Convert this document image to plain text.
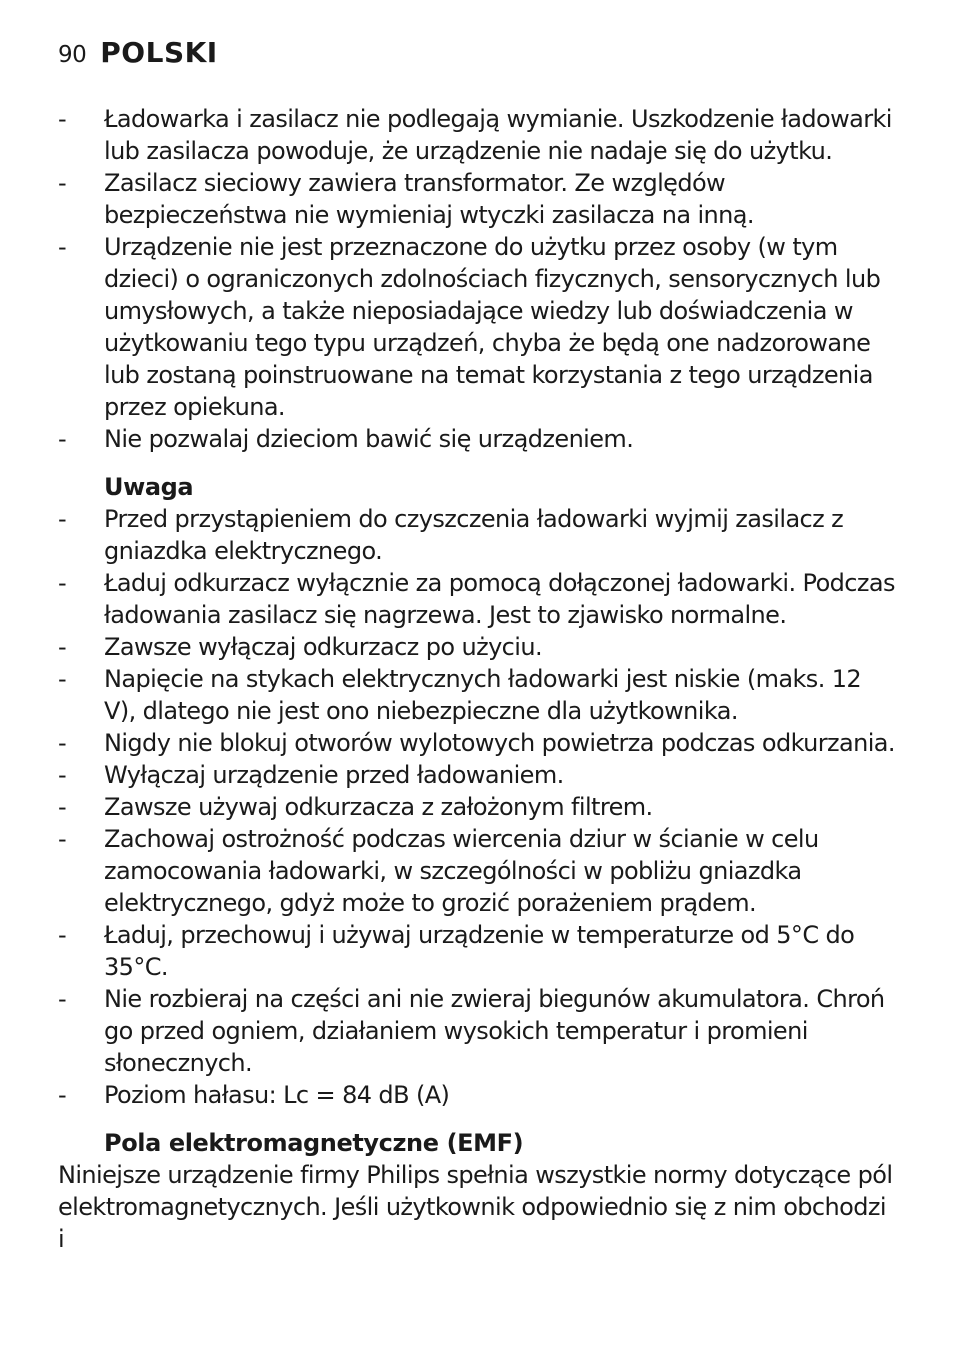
90 POLSKI
- Ładowarka i zasilacz nie podlegają wymianie. Uszkodzenie ładowarki lub zasilacza powoduje, że urządzenie nie nadaje się do użytku.
- Zasilacz sieciowy zawiera transformator. Ze względów bezpieczeństwa nie wymieniaj wtyczki zasilacza na inną.
- Urządzenie nie jest przeznaczone do użytku przez osoby (w tym dzieci) o ograniczonych zdolnościach fizycznych, sensorycznych lub umysłowych, a także nieposiadające wiedzy lub doświadczenia w użytkowaniu tego typu urządzeń, chyba że będą one nadzorowane lub zostaną poinstruowane na temat korzystania z tego urządzenia przez opiekuna.
- Nie pozwalaj dzieciom bawić się urządzeniem.
Uwaga
- Przed przystąpieniem do czyszczenia ładowarki wyjmij zasilacz z gniazdka elektrycznego.
- Ładuj odkurzacz wyłącznie za pomocą dołączonej ładowarki. Podczas ładowania zasilacz się nagrzewa. Jest to zjawisko normalne.
- Zawsze wyłączaj odkurzacz po użyciu.
- Napięcie na stykach elektrycznych ładowarki jest niskie (maks. 12 V), dlatego nie jest ono niebezpieczne dla użytkownika.
- Nigdy nie blokuj otworów wylotowych powietrza podczas odkurzania.
- Wyłączaj urządzenie przed ładowaniem.
- Zawsze używaj odkurzacza z założonym filtrem.
- Zachowaj ostrożność podczas wiercenia dziur w ścianie w celu zamocowania ładowarki, w szczególności w pobliżu gniazdka elektrycznego, gdyż może to grozić porażeniem prądem.
- Ładuj, przechowuj i używaj urządzenie w temperaturze od 5°C do 35°C.
- Nie rozbieraj na części ani nie zwieraj biegunów akumulatora. Chroń go przed ogniem, działaniem wysokich temperatur i promieni słonecznych.
- Poziom hałasu: Lc = 84 dB (A)
Pola elektromagnetyczne (EMF)

Niniejsze urządzenie firmy Philips spełnia wszystkie normy dotyczące pól elektromagnetycznych. Jeśli użytkownik odpowiednio się z nim obchodzi i
